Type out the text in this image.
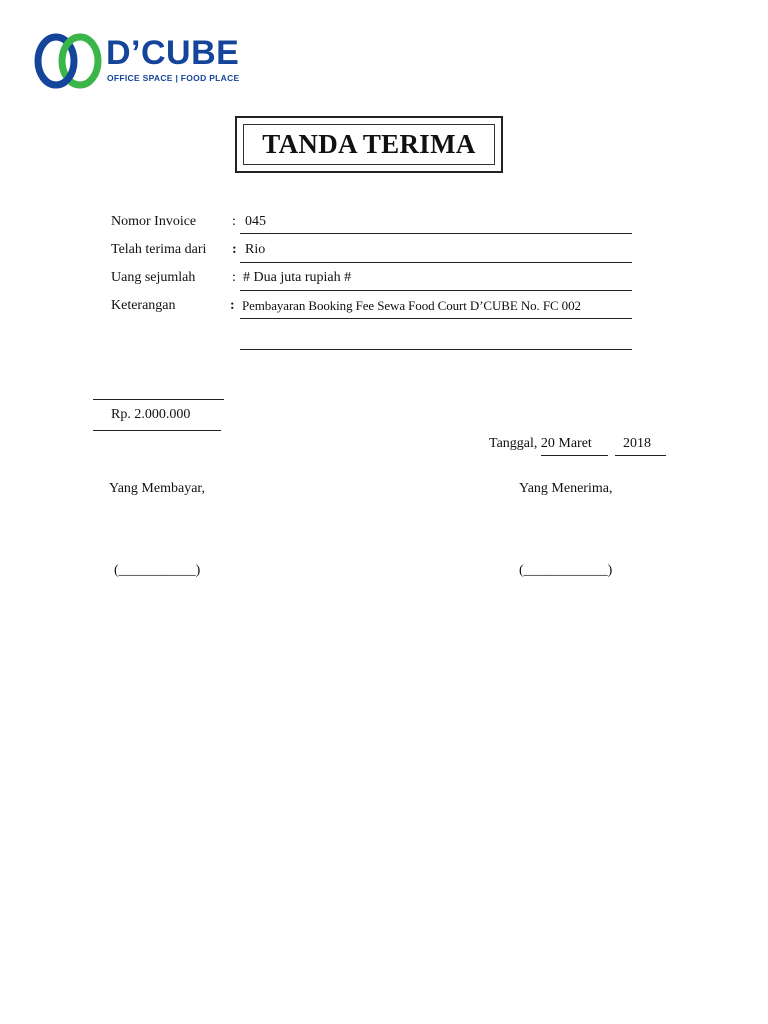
D’CUBE
OFFICE SPACE | FOOD PLACE
TANDA TERIMA
Nomor Invoice	: 045
Telah terima dari : Rio
Uang sejumlah	: # Dua juta rupiah #
Keterangan	: Pembayaran Booking Fee Sewa Food Court D’CUBE No. FC 002
Rp. 2.000.000
Tanggal, 20 Maret 2018
Yang Membayar,	Yang Menerima,
(___________)	(____________)
